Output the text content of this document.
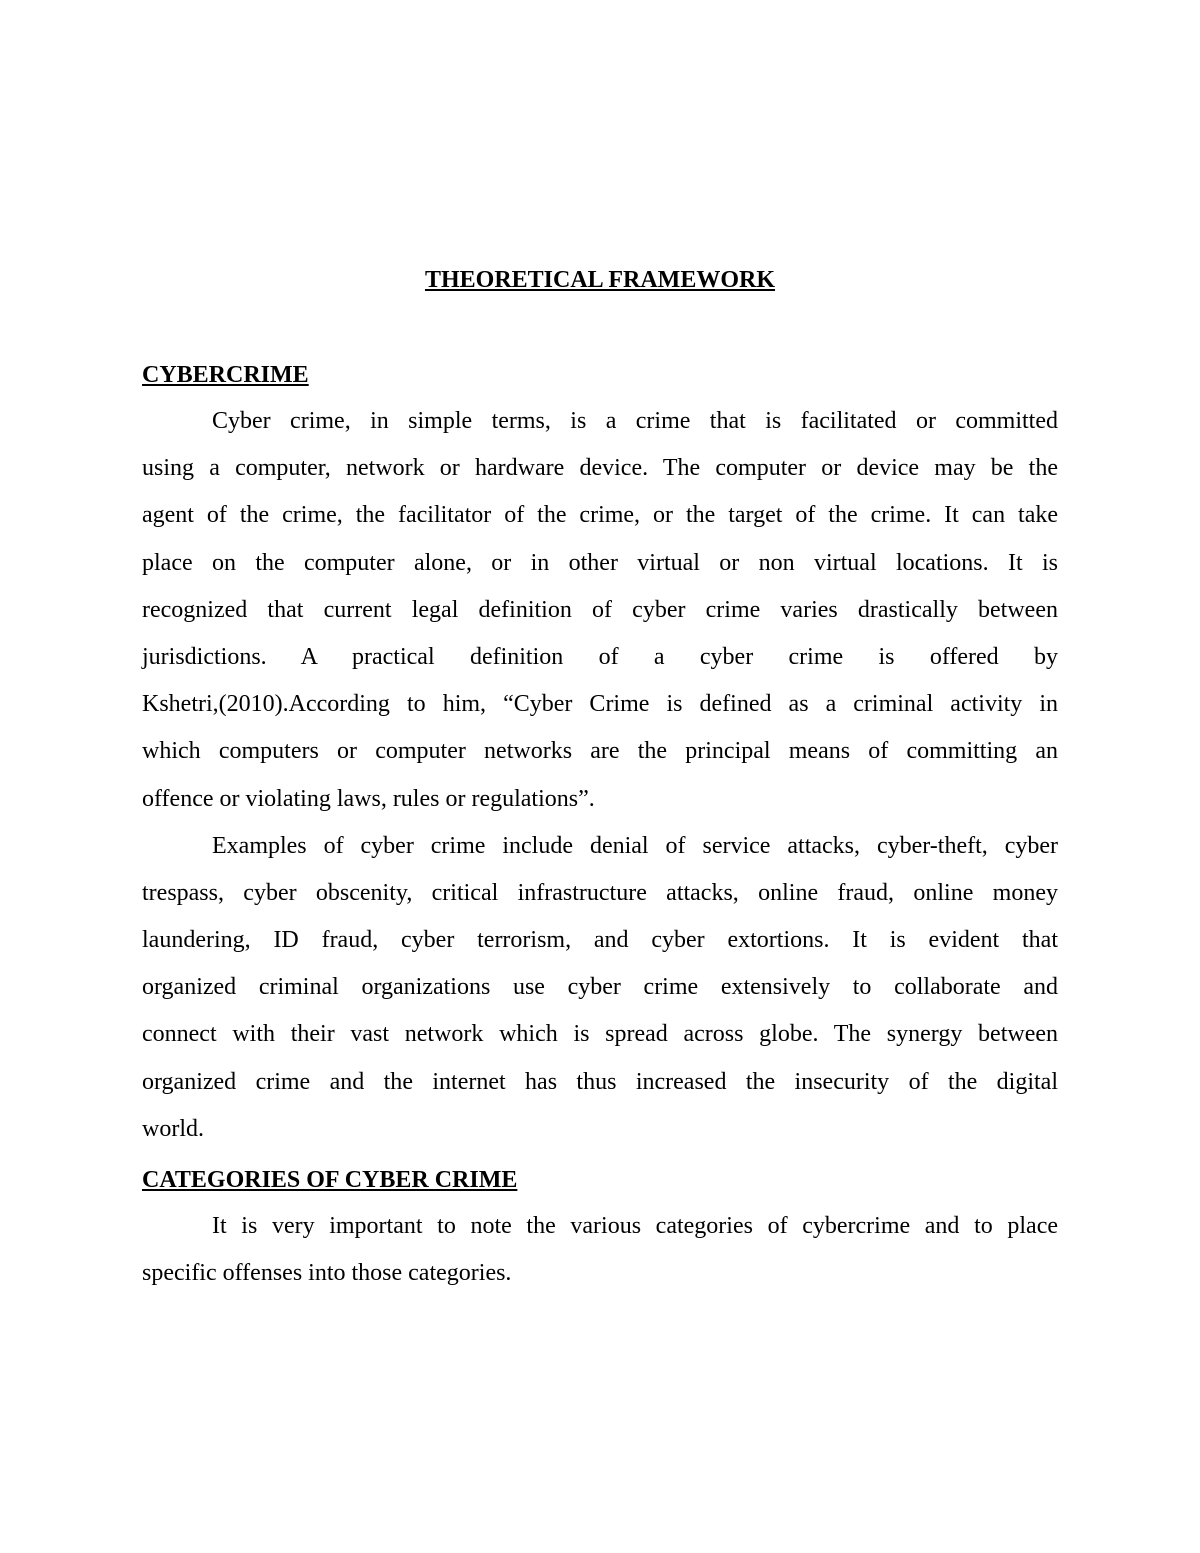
THEORETICAL FRAMEWORK
CYBERCRIME
Cyber crime, in simple terms, is a crime that is facilitated or committed
using a computer, network or hardware device. The computer or device may be the
agent of the crime, the facilitator of the crime, or the target of the crime. It can take
place on the computer alone, or in other virtual or non virtual locations. It is
recognized that current legal definition of cyber crime varies drastically between
jurisdictions. A practical definition of a cyber crime is offered by
Kshetri,(2010).According to him, “Cyber Crime is defined as a criminal activity in
which computers or computer networks are the principal means of committing an
offence or violating laws, rules or regulations”.
Examples of cyber crime include denial of service attacks, cyber-theft, cyber
trespass, cyber obscenity, critical infrastructure attacks, online fraud, online money
laundering, ID fraud, cyber terrorism, and cyber extortions. It is evident that
organized criminal organizations use cyber crime extensively to collaborate and
connect with their vast network which is spread across globe. The synergy between
organized crime and the internet has thus increased the insecurity of the digital
world.
CATEGORIES OF CYBER CRIME
It is very important to note the various categories of cybercrime and to place
specific offenses into those categories.
